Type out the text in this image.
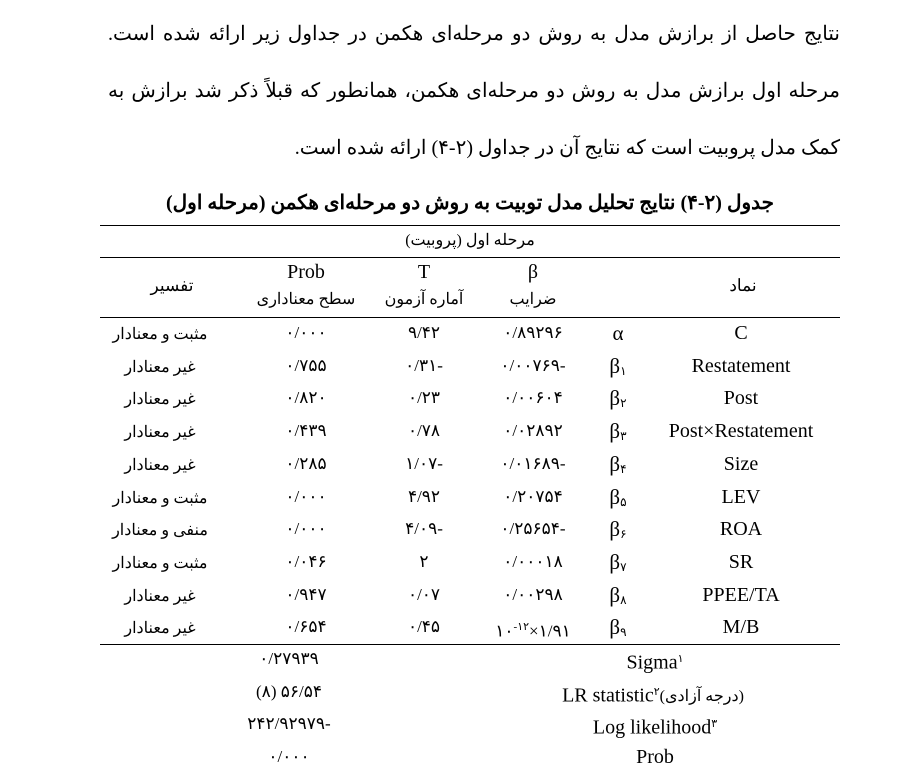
نتایج حاصل از برازش مدل به روش دو مرحله‌ای هکمن در جداول زیر ارائه شده است. مرحله اول برازش مدل به روش دو مرحله‌ای هکمن، همانطور که قبلاً ذکر شد برازش به کمک مدل پروبیت است که نتایج آن در جداول (۲-۴) ارائه شده است.
جدول (۲-۴) نتایج تحلیل مدل توبیت به روش دو مرحله‌ای هکمن (مرحله اول)
مرحله اول (پروبیت)
نماد
β
ضرایب
T
آماره آزمون
Prob
سطح معناداری
تفسیر
C
α
۰/۸۹۲۹۶
۹/۴۲
۰/۰۰۰
مثبت و معنادار
Restatement
$\beta_۱$
-۰/۰۰۷۶۹
-۰/۳۱
۰/۷۵۵
غیر معنادار
Post
$\beta_۲$
۰/۰۰۶۰۴
۰/۲۳
۰/۸۲۰
غیر معنادار
Post×Restatement
$\beta_۳$
۰/۰۲۸۹۲
۰/۷۸
۰/۴۳۹
غیر معنادار
Size
$\beta_۴$
-۰/۰۱۶۸۹
-۱/۰۷
۰/۲۸۵
غیر معنادار
LEV
$\beta_۵$
۰/۲۰۷۵۴
۴/۹۲
۰/۰۰۰
مثبت و معنادار
ROA
$\beta_۶$
-۰/۲۵۶۵۴
-۴/۰۹
۰/۰۰۰
منفی و معنادار
SR
$\beta_۷$
۰/۰۰۰۱۸
۲
۰/۰۴۶
مثبت و معنادار
PPEE/TA
$\beta_۸$
۰/۰۰۲۹۸
۰/۰۷
۰/۹۴۷
غیر معنادار
M/B
$\beta_۹$
$۱/۹۱\times ۱۰^{-۱۲}$
۰/۴۵
۰/۶۵۴
غیر معنادار
Sigma$^۱$
۰/۲۷۹۳۹
(درجه آزادی)LR statistic$^۲$
۵۶/۵۴ (۸)
Log likelihood$^۳$
-۲۴۲/۹۲۹۷۹
Prob
۰/۰۰۰
